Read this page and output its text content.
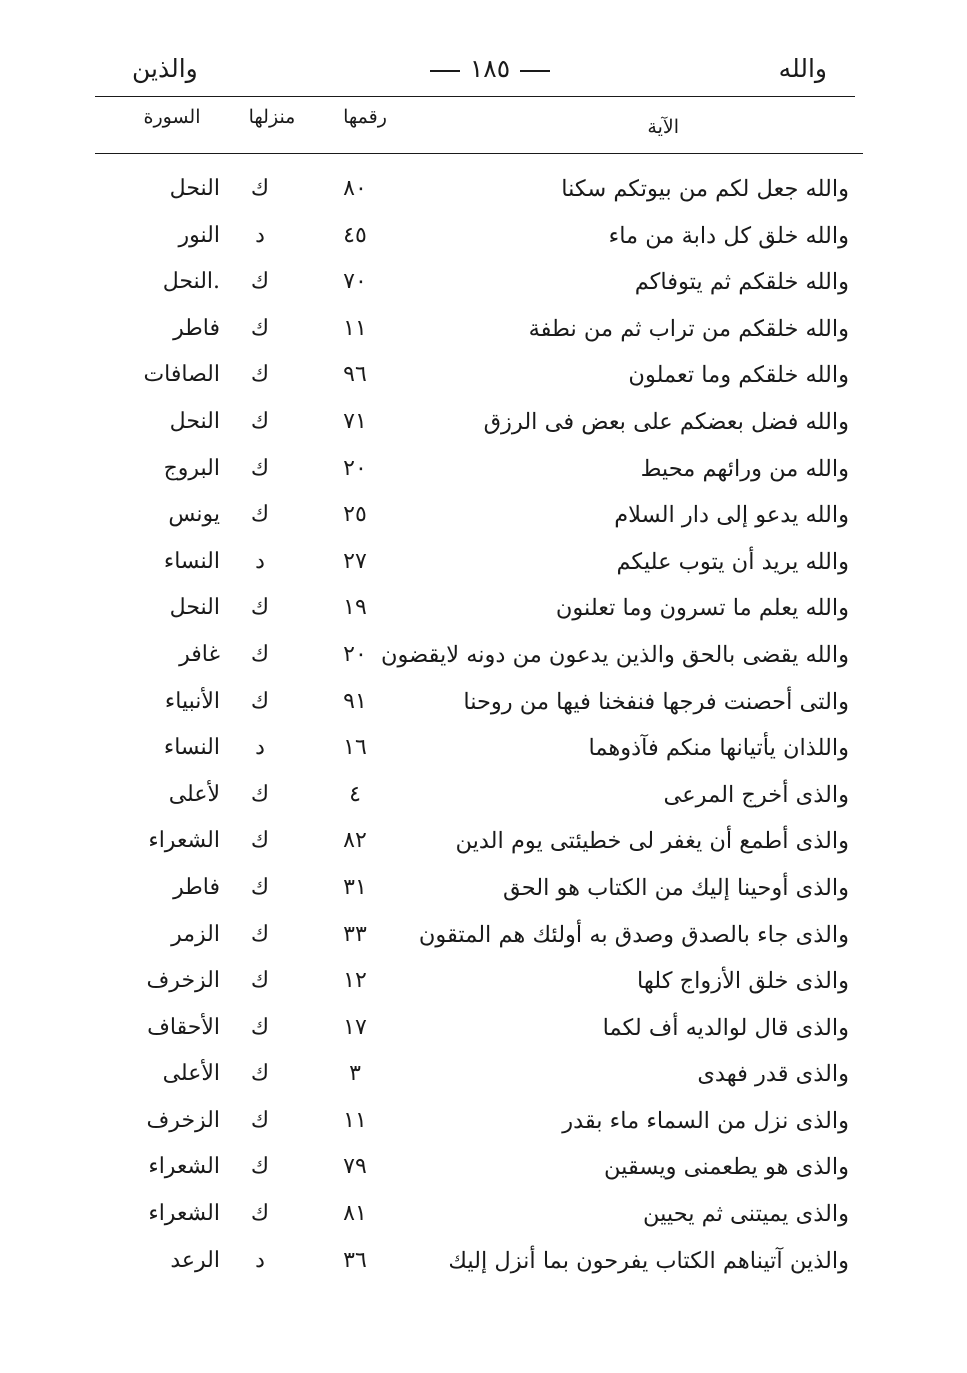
والله
١٨٥
والذين
الآية
رقمها
منزلها
السورة
والله جعل لكم من بيوتكم سكنا
٨٠
ك
النحل
والله خلق كل دابة من ماء
٤٥
د
النور
والله خلقكم ثم يتوفاكم
٧٠
ك
.النحل
والله خلقكم من تراب ثم من نطفة
١١
ك
فاطر
والله خلقكم وما تعملون
٩٦
ك
الصافات
والله فضل بعضكم على بعض فى الرزق
٧١
ك
النحل
والله من ورائهم محيط
٢٠
ك
البروج
والله يدعو إلى دار السلام
٢٥
ك
يونس
والله يريد أن يتوب عليكم
٢٧
د
النساء
والله يعلم ما تسرون وما تعلنون
١٩
ك
النحل
والله يقضى بالحق والذين يدعون من دونه لايقضون
٢٠
ك
غافر
والتى أحصنت فرجها فنفخنا فيها من روحنا
٩١
ك
الأنبياء
واللذان يأتيانها منكم فآذوهما
١٦
د
النساء
والذى أخرج المرعى
٤
ك
لأعلى
والذى أطمع أن يغفر لى خطيئتى يوم الدين
٨٢
ك
الشعراء
والذى أوحينا إليك من الكتاب هو الحق
٣١
ك
فاطر
والذى جاء بالصدق وصدق به أولئك هم المتقون
٣٣
ك
الزمر
والذى خلق الأزواج كلها
١٢
ك
الزخرف
والذى قال لوالديه أف لكما
١٧
ك
الأحقاف
والذى قدر فهدى
٣
ك
الأعلى
والذى نزل من السماء ماء بقدر
١١
ك
الزخرف
والذى هو يطعمنى ويسقين
٧٩
ك
الشعراء
والذى يميتنى ثم يحيين
٨١
ك
الشعراء
والذين آتيناهم الكتاب يفرحون بما أنزل إليك
٣٦
د
الرعد
